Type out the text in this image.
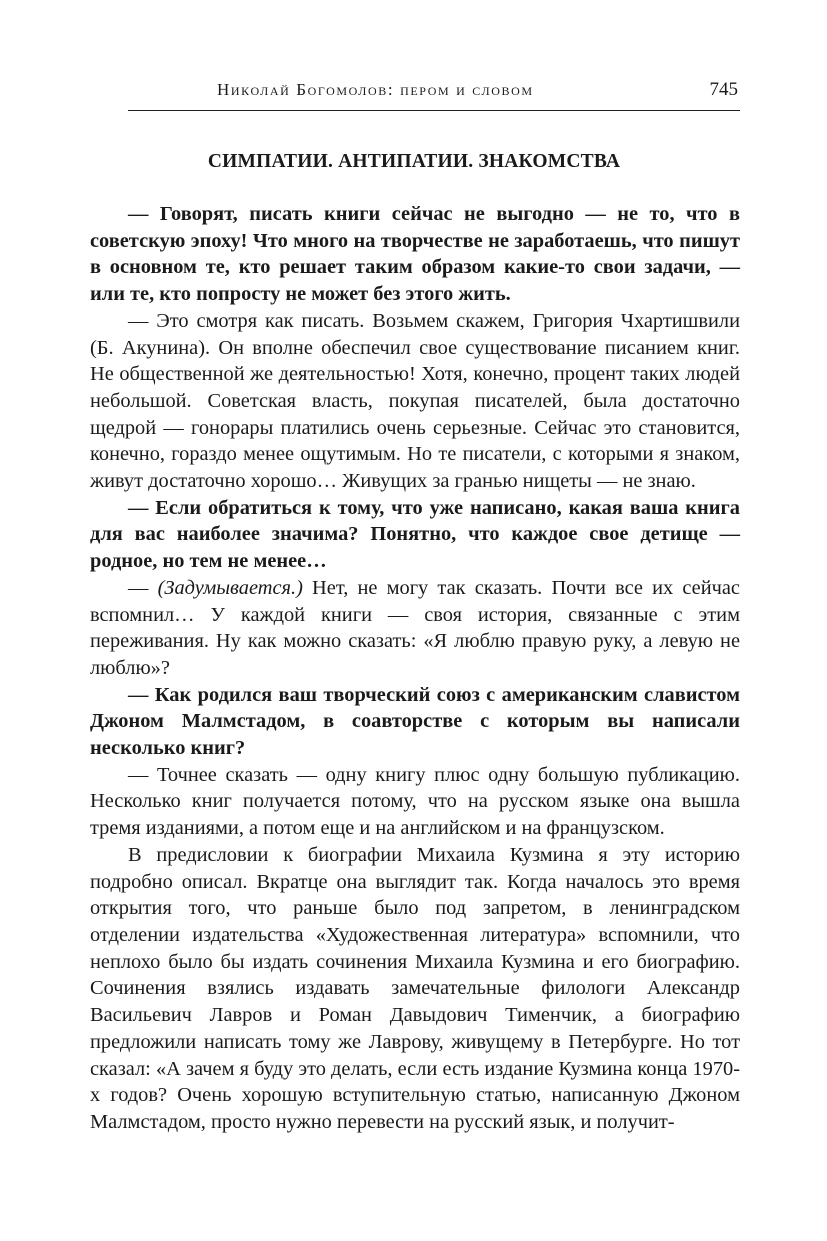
Николай Богомолов: пером и словом	745
СИМПАТИИ. АНТИПАТИИ. ЗНАКОМСТВА

— Говорят, писать книги сейчас не выгодно — не то, что в советскую эпоху! Что много на творчестве не заработаешь, что пишут в основном те, кто решает таким образом какие-то свои задачи, — или те, кто попросту не может без этого жить.

— Это смотря как писать. Возьмем скажем, Григория Чхартишвили (Б. Акунина). Он вполне обеспечил свое существование писанием книг. Не общественной же деятельностью! Хотя, конечно, процент таких людей небольшой. Советская власть, покупая писателей, была достаточно щедрой — гонорары платились очень серьезные. Сейчас это становится, конечно, гораздо менее ощутимым. Но те писатели, с которыми я знаком, живут достаточно хорошо… Живущих за гранью нищеты — не знаю.

— Если обратиться к тому, что уже написано, какая ваша книга для вас наиболее значима? Понятно, что каждое свое детище — родное, но тем не менее…

— (Задумывается.) Нет, не могу так сказать. Почти все их сейчас вспомнил… У каждой книги — своя история, связанные с этим переживания. Ну как можно сказать: «Я люблю правую руку, а левую не люблю»?

— Как родился ваш творческий союз с американским славистом Джоном Малмстадом, в соавторстве с которым вы написали несколько книг?

— Точнее сказать — одну книгу плюс одну большую публикацию. Несколько книг получается потому, что на русском языке она вышла тремя изданиями, а потом еще и на английском и на французском.

В предисловии к биографии Михаила Кузмина я эту историю подробно описал. Вкратце она выглядит так. Когда началось это время открытия того, что раньше было под запретом, в ленинградском отделении издательства «Художественная литература» вспомнили, что неплохо было бы издать сочинения Михаила Кузмина и его биографию. Сочинения взялись издавать замечательные филологи Александр Васильевич Лавров и Роман Давыдович Тименчик, а биографию предложили написать тому же Лаврову, живущему в Петербурге. Но тот сказал: «А зачем я буду это делать, если есть издание Кузмина конца 1970-х годов? Очень хорошую вступительную статью, написанную Джоном Малмстадом, просто нужно перевести на русский язык, и получит-
